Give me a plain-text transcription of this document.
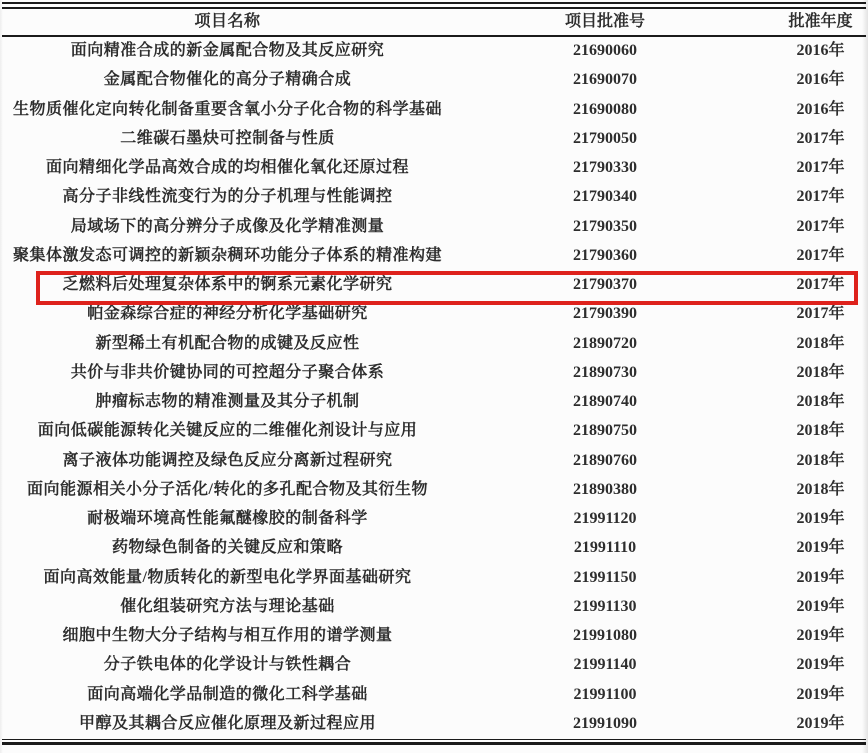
项目名称	项目批准号	批准年度
面向精准合成的新金属配合物及其反应研究	21690060	2016年
金属配合物催化的高分子精确合成	21690070	2016年
生物质催化定向转化制备重要含氧小分子化合物的科学基础	21690080	2016年
二维碳石墨炔可控制备与性质	21790050	2017年
面向精细化学品高效合成的均相催化氧化还原过程	21790330	2017年
高分子非线性流变行为的分子机理与性能调控	21790340	2017年
局域场下的高分辨分子成像及化学精准测量	21790350	2017年
聚集体激发态可调控的新颖杂稠环功能分子体系的精准构建	21790360	2017年
乏燃料后处理复杂体系中的锕系元素化学研究	21790370	2017年
帕金森综合症的神经分析化学基础研究	21790390	2017年
新型稀土有机配合物的成键及反应性	21890720	2018年
共价与非共价键协同的可控超分子聚合体系	21890730	2018年
肿瘤标志物的精准测量及其分子机制	21890740	2018年
面向低碳能源转化关键反应的二维催化剂设计与应用	21890750	2018年
离子液体功能调控及绿色反应分离新过程研究	21890760	2018年
面向能源相关小分子活化/转化的多孔配合物及其衍生物	21890380	2018年
耐极端环境高性能氟醚橡胶的制备科学	21991120	2019年
药物绿色制备的关键反应和策略	21991110	2019年
面向高效能量/物质转化的新型电化学界面基础研究	21991150	2019年
催化组装研究方法与理论基础	21991130	2019年
细胞中生物大分子结构与相互作用的谱学测量	21991080	2019年
分子铁电体的化学设计与铁性耦合	21991140	2019年
面向高端化学品制造的微化工科学基础	21991100	2019年
甲醇及其耦合反应催化原理及新过程应用	21991090	2019年
